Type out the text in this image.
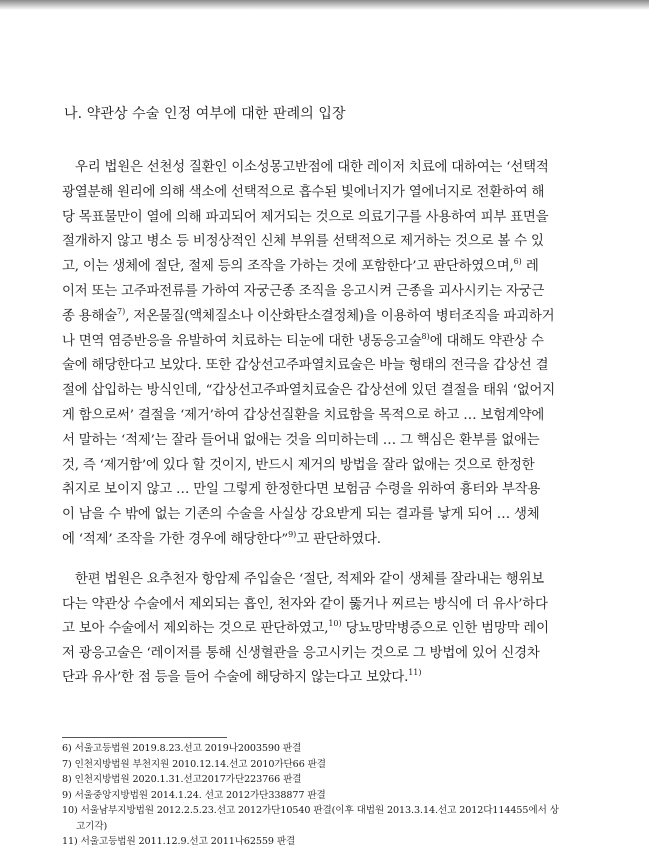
나. 약관상 수술 인정 여부에 대한 판례의 입장
우리 법원은 선천성 질환인 이소성몽고반점에 대한 레이저 치료에 대하여는 ‘선택적
광열분해 원리에 의해 색소에 선택적으로 흡수된 빛에너지가 열에너지로 전환하여 해
당 목표물만이 열에 의해 파괴되어 제거되는 것으로 의료기구를 사용하여 피부 표면을
절개하지 않고 병소 등 비정상적인 신체 부위를 선택적으로 제거하는 것으로 볼 수 있
고, 이는 생체에 절단, 절제 등의 조작을 가하는 것에 포함한다’고 판단하였으며,$^{6)}$ 레
이저 또는 고주파전류를 가하여 자궁근종 조직을 응고시켜 근종을 괴사시키는 자궁근
종 용해술$^{7)}$, 저온물질(액체질소나 이산화탄소결정체)을 이용하여 병터조직을 파괴하거
나 면역 염증반응을 유발하여 치료하는 티눈에 대한 냉동응고술$^{8)}$에 대해도 약관상 수
술에 해당한다고 보았다. 또한 갑상선고주파열치료술은 바늘 형태의 전극을 갑상선 결
절에 삽입하는 방식인데, “갑상선고주파열치료술은 갑상선에 있던 결절을 태워 ‘없어지
게 함으로써’ 결절을 ‘제거’하여 갑상선질환을 치료함을 목적으로 하고 … 보험계약에
서 말하는 ‘적제’는 잘라 들어내 없애는 것을 의미하는데 … 그 핵심은 환부를 없애는
것, 즉 ‘제거함’에 있다 할 것이지, 반드시 제거의 방법을 잘라 없애는 것으로 한정한
취지로 보이지 않고 … 만일 그렇게 한정한다면 보험금 수령을 위하여 흉터와 부작용
이 남을 수 밖에 없는 기존의 수술을 사실상 강요받게 되는 결과를 낳게 되어 … 생체
에 ‘적제’ 조작을 가한 경우에 해당한다”$^{9)}$고 판단하였다.
한편 법원은 요추천자 항암제 주입술은 ‘절단, 적제와 같이 생체를 잘라내는 행위보
다는 약관상 수술에서 제외되는 흡인, 천자와 같이 뚫거나 찌르는 방식에 더 유사’하다
고 보아 수술에서 제외하는 것으로 판단하였고,$^{10)}$ 당뇨망막병증으로 인한 범망막 레이
저 광응고술은 ‘레이저를 통해 신생혈관을 응고시키는 것으로 그 방법에 있어 신경차
단과 유사’한 점 등을 들어 수술에 해당하지 않는다고 보았다.$^{11)}$
6) 서울고등법원 2019.8.23.선고 2019나2003590 판결
7) 인천지방법원 부천지원 2010.12.14.선고 2010가단66 판결
8) 인천지방법원 2020.1.31.선고2017가단223766 판결
9) 서울중앙지방법원 2014.1.24. 선고 2012가단338877 판결
10) 서울남부지방법원 2012.2.5.23.선고 2012가단10540 판결(이후 대법원 2013.3.14.선고 2012다114455에서 상
고기각)
11) 서울고등법원 2011.12.9.선고 2011나62559 판결
